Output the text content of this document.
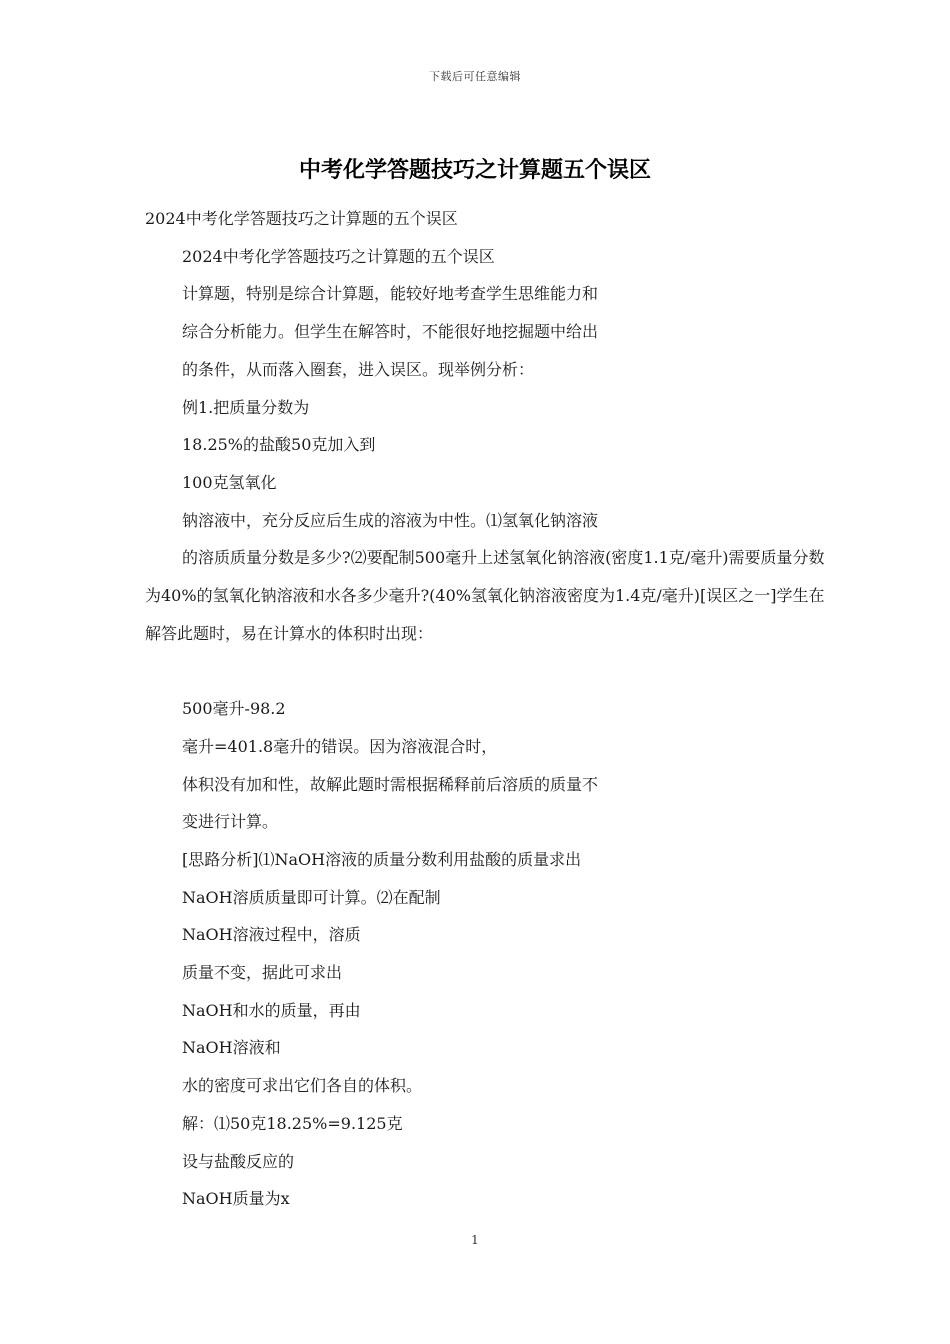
下载后可任意编辑
中考化学答题技巧之计算题五个误区

2024中考化学答题技巧之计算题的五个误区

2024中考化学答题技巧之计算题的五个误区

计算题，特别是综合计算题，能较好地考查学生思维能力和

综合分析能力。但学生在解答时，不能很好地挖掘题中给出

的条件，从而落入圈套，进入误区。现举例分析：

例1.把质量分数为

18.25%的盐酸50克加入到

100克氢氧化

钠溶液中，充分反应后生成的溶液为中性。⑴氢氧化钠溶液

的溶质质量分数是多少?⑵要配制500毫升上述氢氧化钠溶液(密度1.1克/毫升)需要质量分数为40%的氢氧化钠溶液和水各多少毫升?(40%氢氧化钠溶液密度为1.4克/毫升)[误区之一]学生在解答此题时，易在计算水的体积时出现：

500毫升-98.2

毫升=401.8毫升的错误。因为溶液混合时，

体积没有加和性，故解此题时需根据稀释前后溶质的质量不

变进行计算。

[思路分析]⑴NaOH溶液的质量分数利用盐酸的质量求出

NaOH溶质质量即可计算。⑵在配制

NaOH溶液过程中，溶质

质量不变，据此可求出

NaOH和水的质量，再由

NaOH溶液和

水的密度可求出它们各自的体积。

解：⑴50克18.25%=9.125克

设与盐酸反应的

NaOH质量为x

1
